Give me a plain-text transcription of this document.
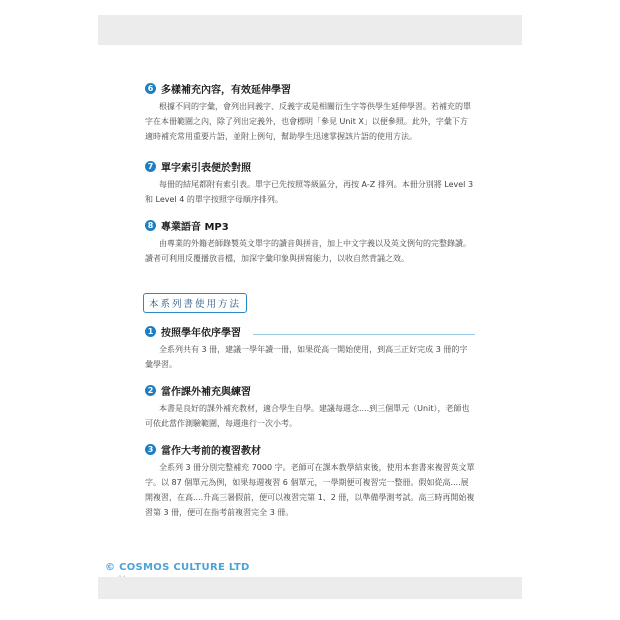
6 多樣補充內容，有效延伸學習

根據不同的字彙，會列出同義字、反義字或是相關衍生字等供學生延伸學習。若補充的單字在本冊範圍之內，除了列出定義外，也會標明「參見 Unit X」以便參照。此外，字彙下方適時補充常用重要片語，並附上例句，幫助學生迅速掌握該片語的使用方法。

7 單字索引表便於對照

每冊的結尾都附有索引表。單字已先按照等級區分，再按 A-Z 排列。本冊分別將 Level 3 和 Level 4 的單字按照字母順序排列。

8 專業語音 MP3

由專業的外籍老師錄製英文單字的讀音與拼音，加上中文字義以及英文例句的完整錄讀。讀者可利用反覆播放音檔，加深字彙印象與拼寫能力，以收自然背誦之效。

本系列書使用方法
1 按照學年依序學習

全系列共有 3 冊，建議一學年讀一冊，如果從高一開始使用，到高三正好完成 3 冊的字彙學習。

2 當作課外補充與練習

本書是良好的課外補充教材，適合學生自學。建議每週念....到三個單元（Unit），老師也可依此當作測驗範圍，每週進行一次小考。

3 當作大考前的複習教材

全系列 3 冊分別完整補充 7000 字。老師可在課本教學結束後，使用本套書來複習英文單字。以 87 個單元為例，如果每週複習 6 個單元，一學期便可複習完一整冊。假如從高....展開複習，在高....升高三暑假前，便可以複習完第 1、2 冊，以準備學測考試。高三時再開始複習第 3 冊，便可在指考前複習完全 3 冊。

© COSMOS CULTURE LTD
